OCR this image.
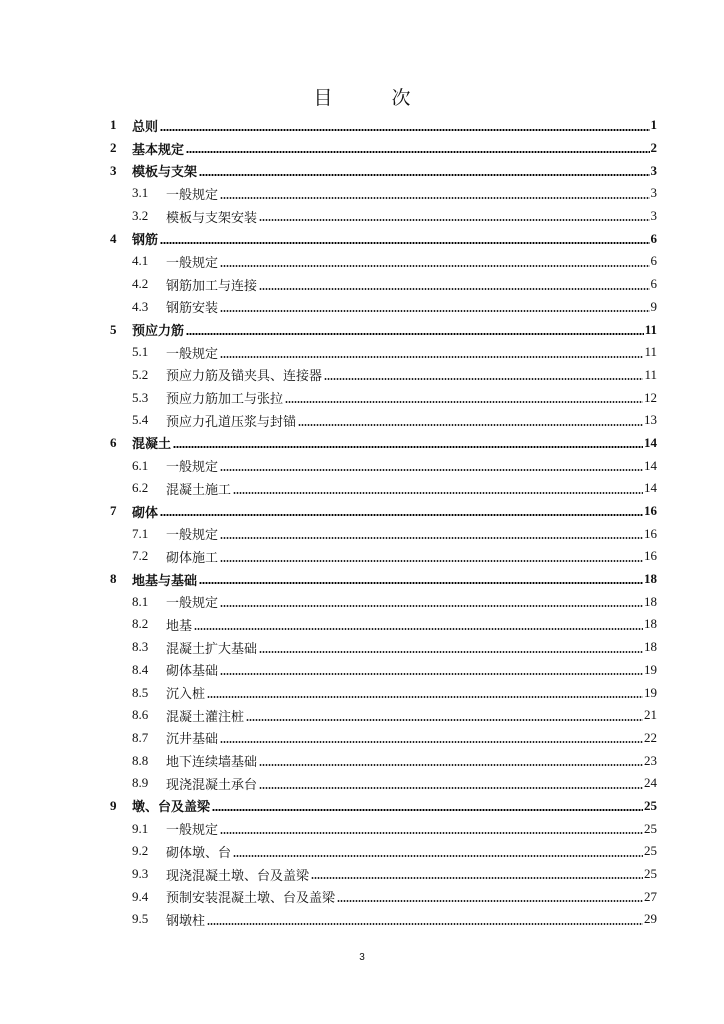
目　次
1	总则	1
2	基本规定	2
3	模板与支架	3
3.1	一般规定	3
3.2	模板与支架安装	3
4	钢筋	6
4.1	一般规定	6
4.2	钢筋加工与连接	6
4.3	钢筋安装	9
5	预应力筋	11
5.1	一般规定	11
5.2	预应力筋及锚夹具、连接器	11
5.3	预应力筋加工与张拉	12
5.4	预应力孔道压浆与封锚	13
6	混凝土	14
6.1	一般规定	14
6.2	混凝土施工	14
7	砌体	16
7.1	一般规定	16
7.2	砌体施工	16
8	地基与基础	18
8.1	一般规定	18
8.2	地基	18
8.3	混凝土扩大基础	18
8.4	砌体基础	19
8.5	沉入桩	19
8.6	混凝土灌注桩	21
8.7	沉井基础	22
8.8	地下连续墙基础	23
8.9	现浇混凝土承台	24
9	墩、台及盖梁	25
9.1	一般规定	25
9.2	砌体墩、台	25
9.3	现浇混凝土墩、台及盖梁	25
9.4	预制安装混凝土墩、台及盖梁	27
9.5	钢墩柱	29
3
